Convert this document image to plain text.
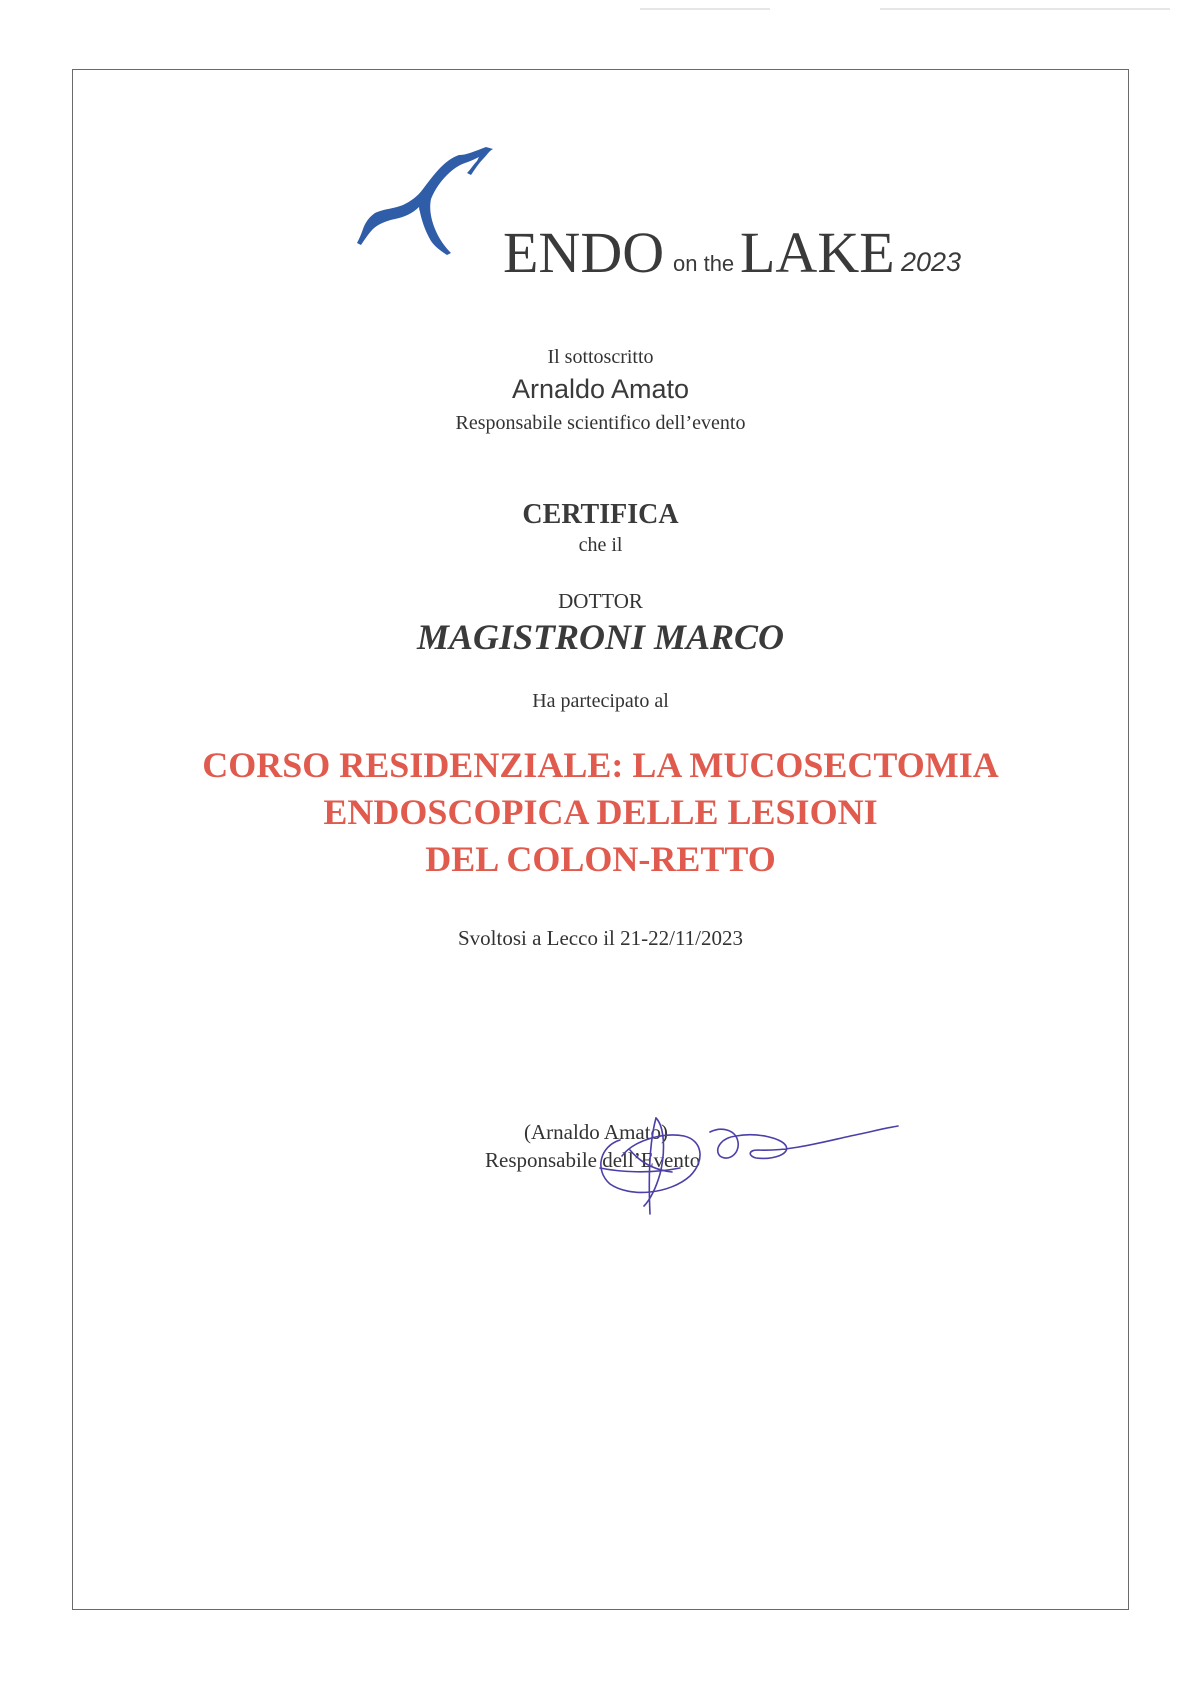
ENDO on the LAKE 2023
Il sottoscritto
Arnaldo Amato
Responsabile scientifico dell’evento
CERTIFICA
che il
DOTTOR
MAGISTRONI MARCO
Ha partecipato al
CORSO RESIDENZIALE: LA MUCOSECTOMIA
ENDOSCOPICA DELLE LESIONI
DEL COLON-RETTO
Svoltosi a Lecco il 21-22/11/2023
(Arnaldo Amato)
Responsabile dell’Evento
